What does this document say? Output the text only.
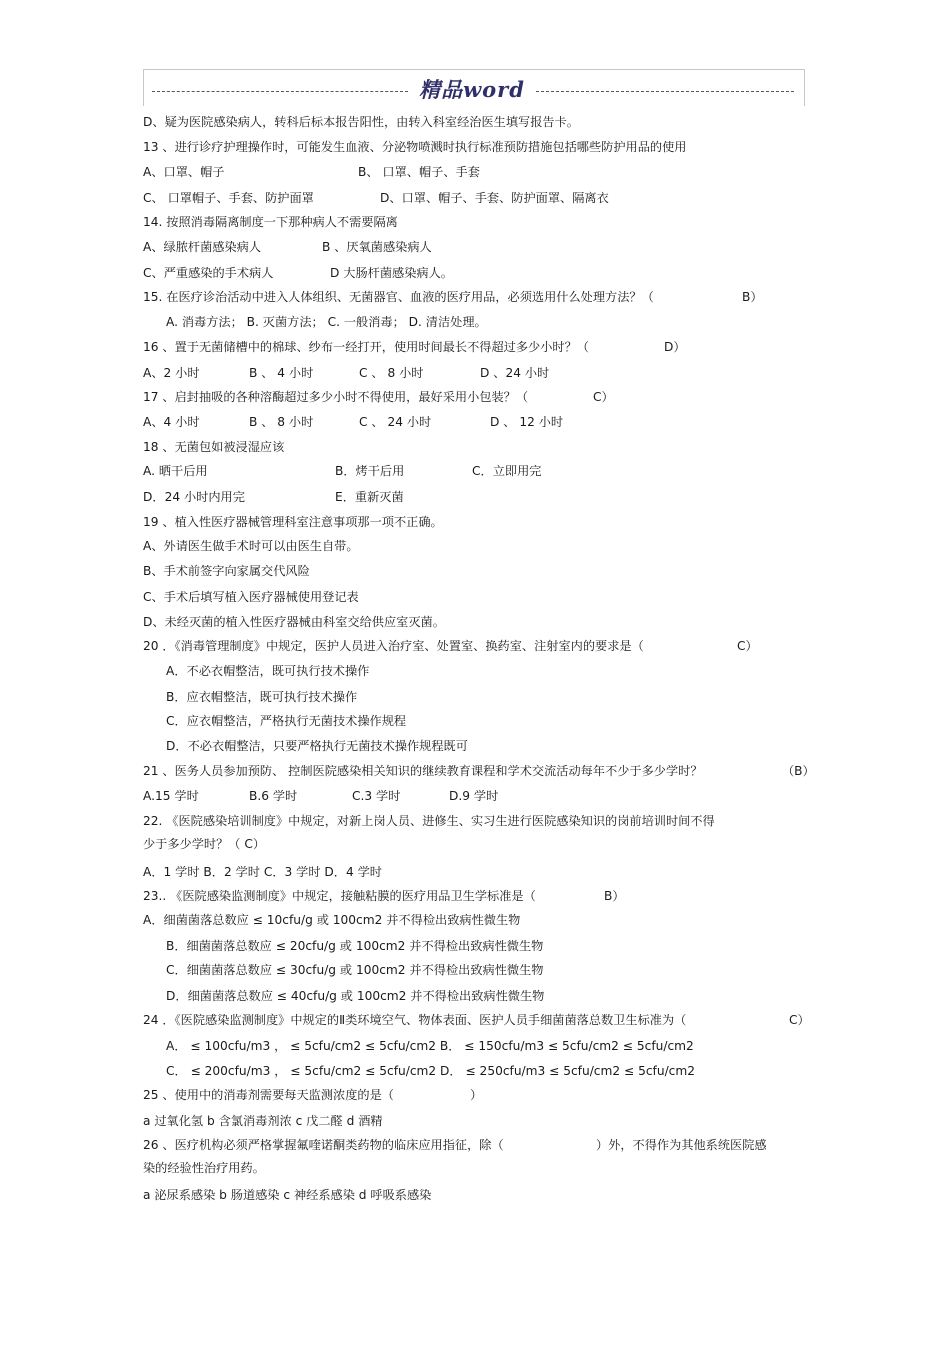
精品word
D、疑为医院感染病人，转科后标本报告阳性，由转入科室经治医生填写报告卡。
13 、进行诊疗护理操作时，可能发生血液、分泌物喷溅时执行标准预防措施包括哪些防护用品的使用
A、口罩、帽子	B、 口罩、帽子、手套
C、 口罩帽子、手套、防护面罩	D、口罩、帽子、手套、防护面罩、隔离衣
14. 按照消毒隔离制度一下那种病人不需要隔离
A、绿脓杆菌感染病人	B 、厌氧菌感染病人
C、严重感染的手术病人	D 大肠杆菌感染病人。
15. 在医疗诊治活动中进入人体组织、无菌器官、血液的医疗用品，必须选用什么处理方法？（	B）
A. 消毒方法； B. 灭菌方法； C. 一般消毒； D. 清洁处理。
16 、置于无菌储槽中的棉球、纱布一经打开，使用时间最长不得超过多少小时？（	D）
A、2 小时	B 、 4 小时	C 、 8 小时	D 、24 小时
17 、启封抽吸的各种溶酶超过多少小时不得使用，最好采用小包装？（	C）
A、4 小时	B 、 8 小时	C 、 24 小时	D 、 12 小时
18 、无菌包如被浸湿应该
A. 晒干后用	B．烤干后用	C．立即用完
D．24 小时内用完	E．重新灭菌
19 、植入性医疗器械管理科室注意事项那一项不正确。
A、外请医生做手术时可以由医生自带。
B、手术前签字向家属交代风险
C、手术后填写植入医疗器械使用登记表
D、未经灭菌的植入性医疗器械由科室交给供应室灭菌。
20 ．《消毒管理制度》中规定，医护人员进入治疗室、处置室、换药室、注射室内的要求是（	C）
A．不必衣帽整洁，既可执行技术操作
B．应衣帽整洁，既可执行技术操作
C．应衣帽整洁，严格执行无菌技术操作规程
D．不必衣帽整洁，只要严格执行无菌技术操作规程既可
21 、医务人员参加预防、 控制医院感染相关知识的继续教育课程和学术交流活动每年不少于多少学时？	（B）
A.15 学时	B.6 学时	C.3 学时	D.9 学时
22. 《医院感染培训制度》中规定，对新上岗人员、进修生、实习生进行医院感染知识的岗前培训时间不得
少于多少学时？（ C）
A．1 学时 B．2 学时 C．3 学时 D．4 学时
23.. 《医院感染监测制度》中规定，接触粘膜的医疗用品卫生学标准是（	B）
A．细菌菌落总数应 ≤ 10cfu/g 或 100cm2 并不得检出致病性微生物
B．细菌菌落总数应 ≤ 20cfu/g 或 100cm2 并不得检出致病性微生物
C．细菌菌落总数应 ≤ 30cfu/g 或 100cm2 并不得检出致病性微生物
D．细菌菌落总数应 ≤ 40cfu/g 或 100cm2 并不得检出致病性微生物
24 ．《医院感染监测制度》中规定的Ⅱ类环境空气、物体表面、医护人员手细菌菌落总数卫生标准为（	C）
A． ≤ 100cfu/m3 ， ≤ 5cfu/cm2 ≤ 5cfu/cm2 B． ≤ 150cfu/m3 ≤ 5cfu/cm2 ≤ 5cfu/cm2
C． ≤ 200cfu/m3 ， ≤ 5cfu/cm2 ≤ 5cfu/cm2 D． ≤ 250cfu/m3 ≤ 5cfu/cm2 ≤ 5cfu/cm2
25 、使用中的消毒剂需要每天监测浓度的是（	）
a 过氧化氢 b 含氯消毒剂浓 c 戊二醛 d 酒精
26 、医疗机构必须严格掌握氟喹诺酮类药物的临床应用指征，除（	）外，不得作为其他系统医院感
染的经验性治疗用药。
a 泌尿系感染 b 肠道感染 c 神经系感染 d 呼吸系感染
